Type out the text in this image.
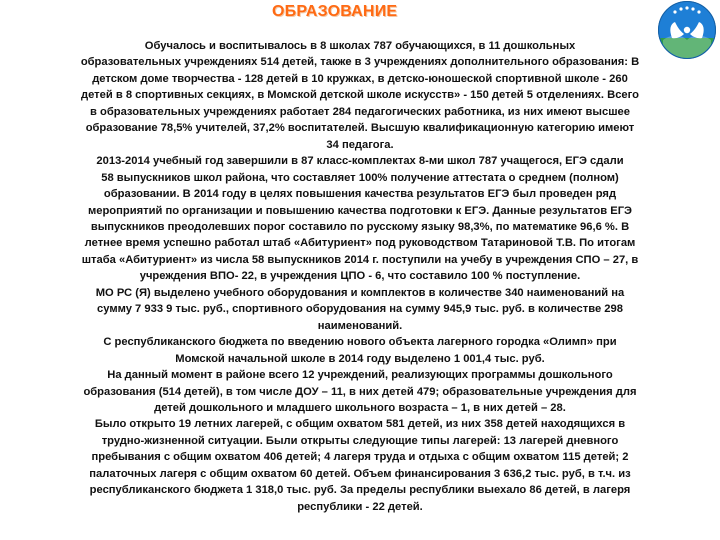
ОБРАЗОВАНИЕ
Обучалось и воспитывалось в 8 школах 787 обучающихся, в 11 дошкольных
образовательных учреждениях 514 детей, также в 3 учреждениях дополнительного образования: В
детском доме творчества - 128 детей в 10 кружках, в детско-юношеской спортивной школе - 260
детей в 8 спортивных секциях, в Момской детской школе искусств» - 150 детей 5 отделениях. Всего
в образовательных учреждениях работает 284 педагогических работника, из них имеют высшее
образование 78,5% учителей, 37,2% воспитателей. Высшую квалификационную категорию имеют
34 педагога.
2013-2014 учебный год завершили в 87 класс-комплектах 8-ми школ 787 учащегося, ЕГЭ сдали
58 выпускников школ района, что составляет 100% получение аттестата о среднем (полном)
образовании. В 2014 году в целях повышения качества результатов ЕГЭ был проведен ряд
мероприятий по организации и повышению качества подготовки к ЕГЭ. Данные результатов ЕГЭ
выпускников преодолевших порог составило по русскому языку 98,3%, по математике 96,6 %. В
летнее время успешно работал штаб «Абитуриент» под руководством Татариновой Т.В. По итогам
штаба «Абитуриент» из числа 58 выпускников 2014 г. поступили на учебу в учреждения СПО – 27, в
учреждения ВПО- 22, в учреждения ЦПО - 6, что составило 100 % поступление.
МО РС (Я) выделено учебного оборудования и комплектов в количестве 340 наименований на
сумму 7 933 9 тыс. руб., спортивного оборудования на сумму 945,9 тыс. руб. в количестве 298
наименований.
С республиканского бюджета по введению нового объекта лагерного городка «Олимп» при
Момской начальной школе в 2014 году выделено 1 001,4 тыс. руб.
На данный момент в районе всего 12 учреждений, реализующих программы дошкольного
образования (514 детей), в том числе ДОУ – 11, в них детей 479; образовательные учреждения для
детей дошкольного и младшего школьного возраста – 1, в них детей – 28.
Было открыто 19 летних лагерей, с общим охватом 581 детей, из них 358 детей находящихся в
трудно-жизненной ситуации. Были открыты следующие типы лагерей: 13 лагерей дневного
пребывания с общим охватом 406 детей; 4 лагеря труда и отдыха с общим охватом 115 детей; 2
палаточных лагеря с общим охватом 60 детей. Объем финансирования 3 636,2 тыс. руб, в т.ч. из
республиканского бюджета 1 318,0 тыс. руб. За пределы республики выехало 86 детей, в лагеря
республики - 22 детей.
